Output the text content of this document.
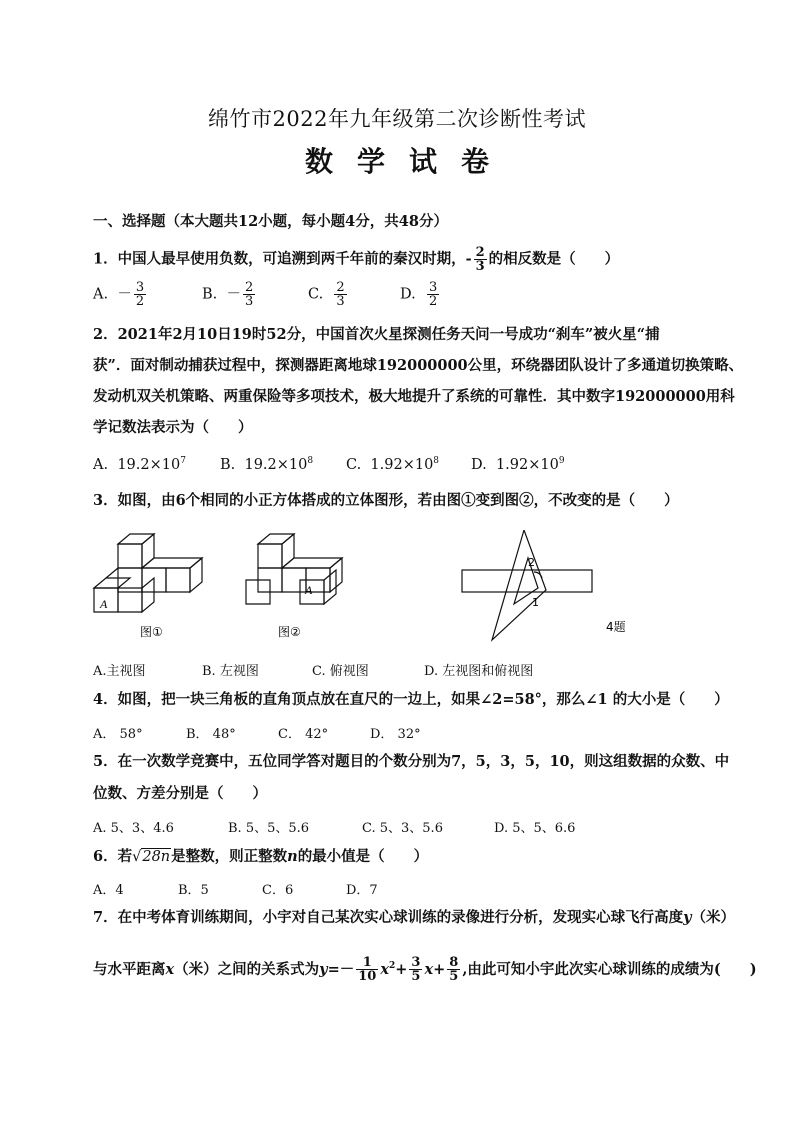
绵竹市2022年九年级第二次诊断性考试
数学试卷
一、选择题（本大题共12小题，每小题4分，共48分）
1．中国人最早使用负数，可追溯到两千年前的秦汉时期，- $\frac{2}{3}$ 的相反数是（　　）
A. － $\frac{3}{2}$	B. － $\frac{2}{3}$	C. $\frac{2}{3}$	D. $\frac{3}{2}$
2．2021年2月10日19时52分，中国首次火星探测任务天问一号成功“刹车”被火星“捕
获”．面对制动捕获过程中，探测器距离地球192000000公里，环绕器团队设计了多通道切换策略、
发动机双关机策略、两重保险等多项技术，极大地提升了系统的可靠性．其中数字192000000用科
学记数法表示为（　　）
A. $19.2\times 10^7$ B. $19.2\times 10^8$ C. $1.92\times 10^8$ D. $1.92\times 10^9$
3．如图，由6个相同的小正方体搭成的立体图形，若由图①变到图②，不改变的是（　　）
A
图①
A
图②
2
1
4题
A.主视图	B. 左视图	C. 俯视图	D. 左视图和俯视图
4．如图，把一块三角板的直角顶点放在直尺的一边上，如果∠2=58°，那么∠1 的大小是（　　）
A． 58°	B． 48°	C． 42°	D． 32°
5．在一次数学竞赛中，五位同学答对题目的个数分别为7，5，3，5，10，则这组数据的众数、中
位数、方差分别是（　　）
A. 5、3、4.6	B. 5、5、5.6	C. 5、3、5.6	D. 5、5、6.6
6．若√28n是整数，则正整数n的最小值是（　　）
A．4	B．5	C．6	D．7
7．在中考体育训练期间，小宇对自己某次实心球训练的录像进行分析，发现实心球飞行高度y（米）
与水平距离x（米）之间的关系式为$y=- \frac{1}{10} x^2+ \frac{3}{5} x+ \frac{8}{5}$ ,由此可知小宇此次实心球训练的成绩为(　　)
